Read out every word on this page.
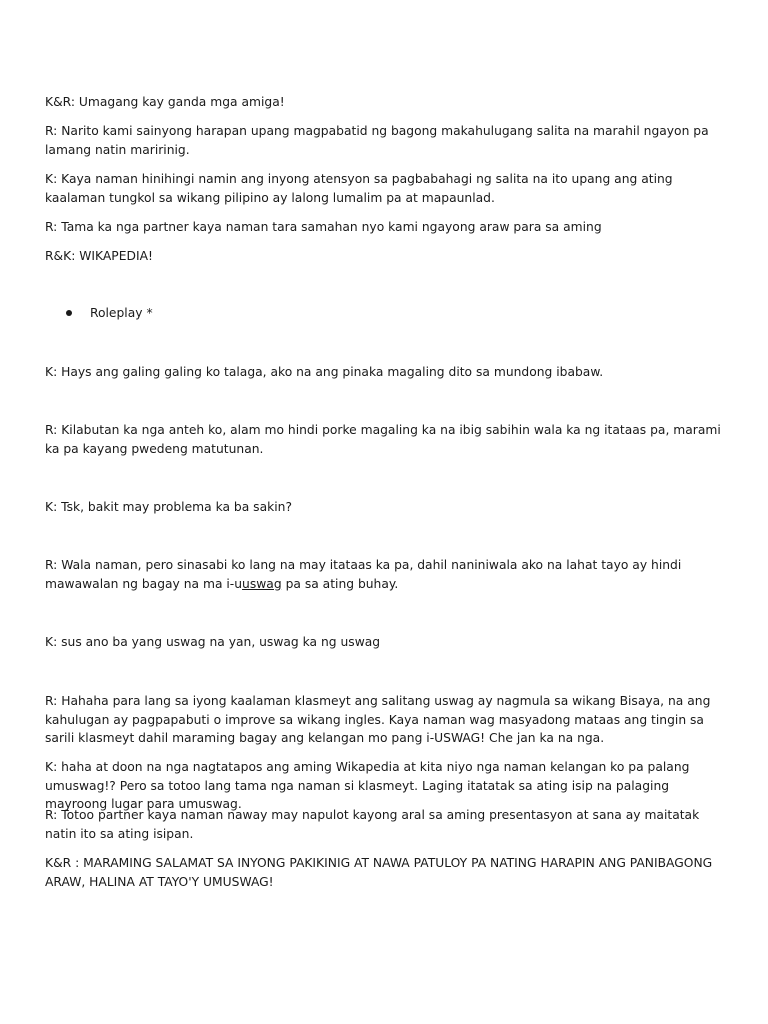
K&R: Umagang kay ganda mga amiga!

R: Narito kami sainyong harapan upang magpabatid ng bagong makahulugang salita na marahil ngayon pa lamang natin maririnig.

K: Kaya naman hinihingi namin ang inyong atensyon sa pagbabahagi ng salita na ito upang ang ating kaalaman tungkol sa wikang pilipino ay lalong lumalim pa at mapaunlad.

R: Tama ka nga partner kaya naman tara samahan nyo kami ngayong araw para sa aming

R&K: WIKAPEDIA!

Roleplay *

K: Hays ang galing galing ko talaga, ako na ang pinaka magaling dito sa mundong ibabaw.

R: Kilabutan ka nga anteh ko, alam mo hindi porke magaling ka na ibig sabihin wala ka ng itataas pa, marami ka pa kayang pwedeng matutunan.

K: Tsk, bakit may problema ka ba sakin?

R: Wala naman, pero sinasabi ko lang na may itataas ka pa, dahil naniniwala ako na lahat tayo ay hindi mawawalan ng bagay na ma i-uuswag pa sa ating buhay.

K: sus ano ba yang uswag na yan, uswag ka ng uswag

R: Hahaha para lang sa iyong kaalaman klasmeyt ang salitang uswag ay nagmula sa wikang Bisaya, na ang kahulugan ay pagpapabuti o improve sa wikang ingles. Kaya naman wag masyadong mataas ang tingin sa sarili klasmeyt dahil maraming bagay ang kelangan mo pang i-USWAG! Che jan ka na nga.

K: haha at doon na nga nagtatapos ang aming Wikapedia at kita niyo nga naman kelangan ko pa palang umuswag!? Pero sa totoo lang tama nga naman si klasmeyt. Laging itatatak sa ating isip na palaging mayroong lugar para umuswag.

R: Totoo partner kaya naman naway may napulot kayong aral sa aming presentasyon at sana ay maitatak natin ito sa ating isipan.

K&R : MARAMING SALAMAT SA INYONG PAKIKINIG AT NAWA PATULOY PA NATING HARAPIN ANG PANIBAGONG ARAW, HALINA AT TAYO'Y UMUSWAG!
